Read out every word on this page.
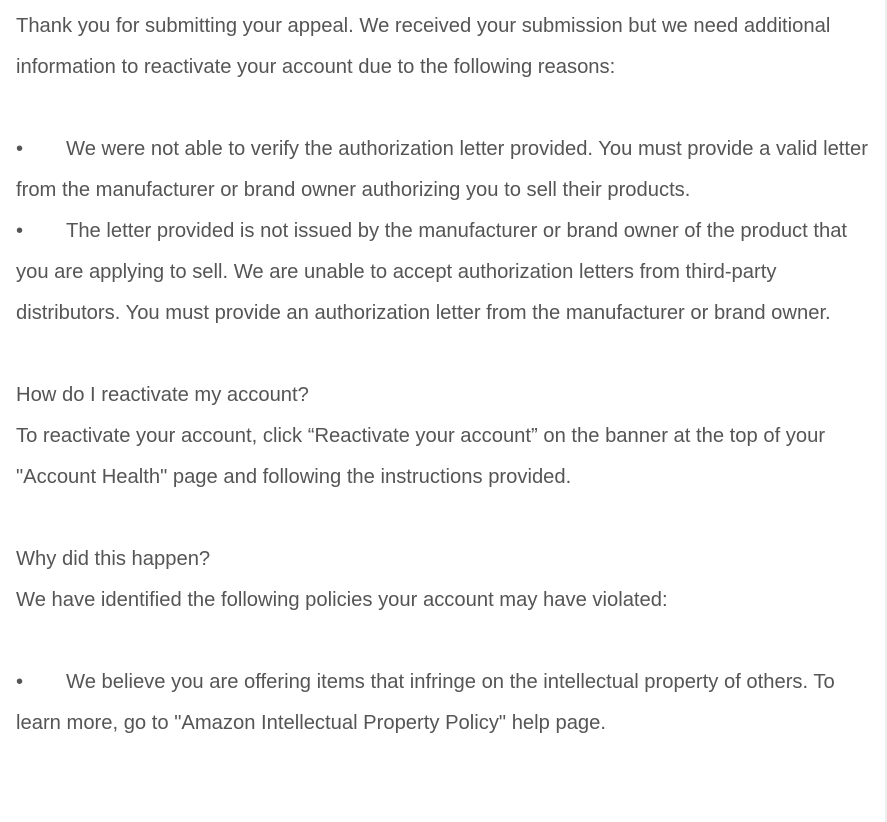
Thank you for submitting your appeal. We received your submission but we need additional information to reactivate your account due to the following reasons:

• We were not able to verify the authorization letter provided. You must provide a valid letter from the manufacturer or brand owner authorizing you to sell their products.

• The letter provided is not issued by the manufacturer or brand owner of the product that you are applying to sell. We are unable to accept authorization letters from third-party distributors. You must provide an authorization letter from the manufacturer or brand owner.

How do I reactivate my account?

To reactivate your account, click “Reactivate your account” on the banner at the top of your "Account Health" page and following the instructions provided.

Why did this happen?

We have identified the following policies your account may have violated:

• We believe you are offering items that infringe on the intellectual property of others. To learn more, go to "Amazon Intellectual Property Policy" help page.
